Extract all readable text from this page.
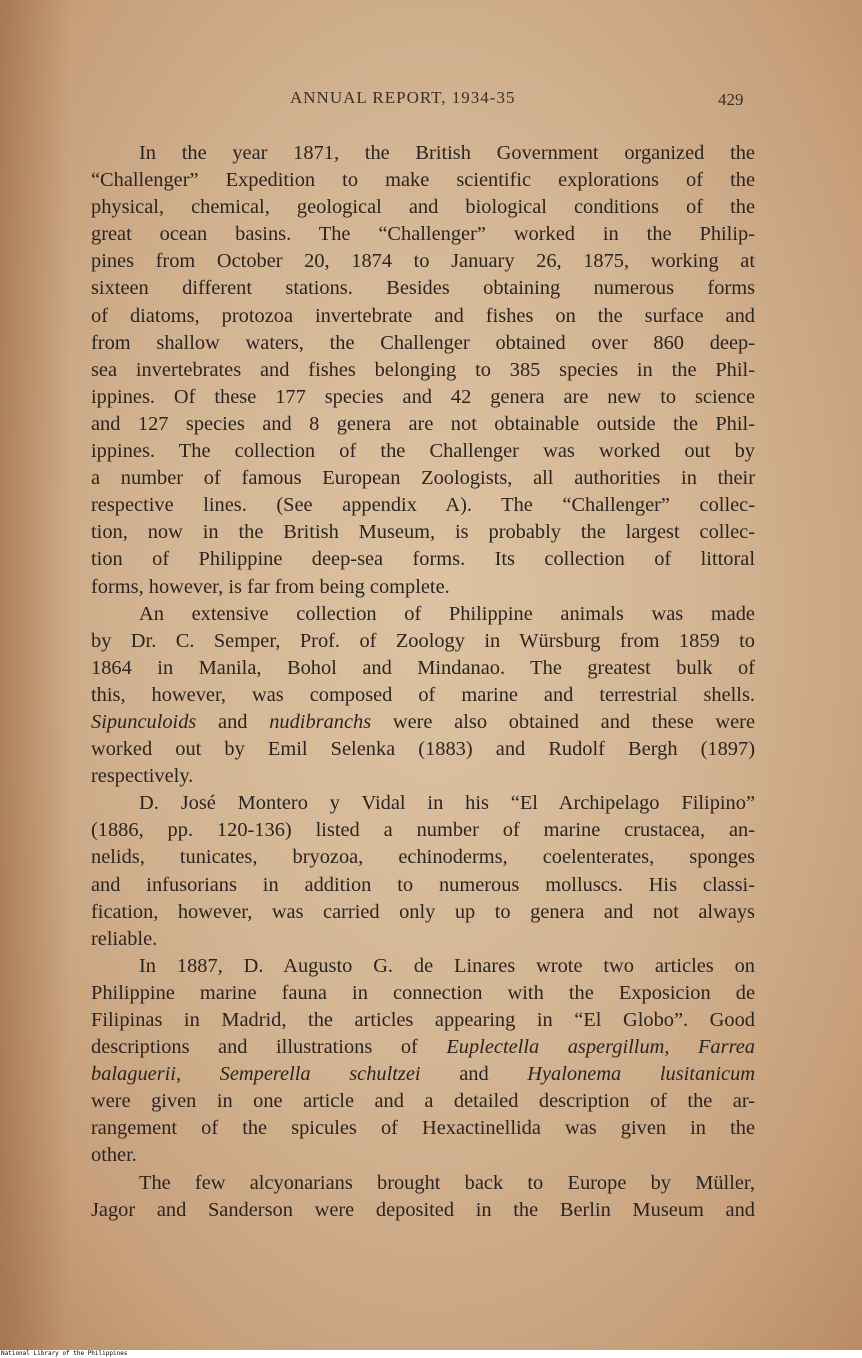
ANNUAL REPORT, 1934-35	429
In the year 1871, the British Government organized the
“Challenger” Expedition to make scientific explorations of the
physical, chemical, geological and biological conditions of the
great ocean basins. The “Challenger” worked in the Philip-
pines from October 20, 1874 to January 26, 1875, working at
sixteen different stations. Besides obtaining numerous forms
of diatoms, protozoa invertebrate and fishes on the surface and
from shallow waters, the Challenger obtained over 860 deep-
sea invertebrates and fishes belonging to 385 species in the Phil-
ippines. Of these 177 species and 42 genera are new to science
and 127 species and 8 genera are not obtainable outside the Phil-
ippines. The collection of the Challenger was worked out by
a number of famous European Zoologists, all authorities in their
respective lines. (See appendix A). The “Challenger” collec-
tion, now in the British Museum, is probably the largest collec-
tion of Philippine deep-sea forms. Its collection of littoral
forms, however, is far from being complete.
An extensive collection of Philippine animals was made
by Dr. C. Semper, Prof. of Zoology in Würsburg from 1859 to
1864 in Manila, Bohol and Mindanao. The greatest bulk of
this, however, was composed of marine and terrestrial shells.
Sipunculoids and nudibranchs were also obtained and these were
worked out by Emil Selenka (1883) and Rudolf Bergh (1897)
respectively.
D. José Montero y Vidal in his “El Archipelago Filipino”
(1886, pp. 120-136) listed a number of marine crustacea, an-
nelids, tunicates, bryozoa, echinoderms, coelenterates, sponges
and infusorians in addition to numerous molluscs. His classi-
fication, however, was carried only up to genera and not always
reliable.
In 1887, D. Augusto G. de Linares wrote two articles on
Philippine marine fauna in connection with the Exposicion de
Filipinas in Madrid, the articles appearing in “El Globo”. Good
descriptions and illustrations of Euplectella aspergillum, Farrea
balaguerii, Semperella schultzei and Hyalonema lusitanicum
were given in one article and a detailed description of the ar-
rangement of the spicules of Hexactinellida was given in the
other.
The few alcyonarians brought back to Europe by Müller,
Jagor and Sanderson were deposited in the Berlin Museum and
National Library of the Philippines
